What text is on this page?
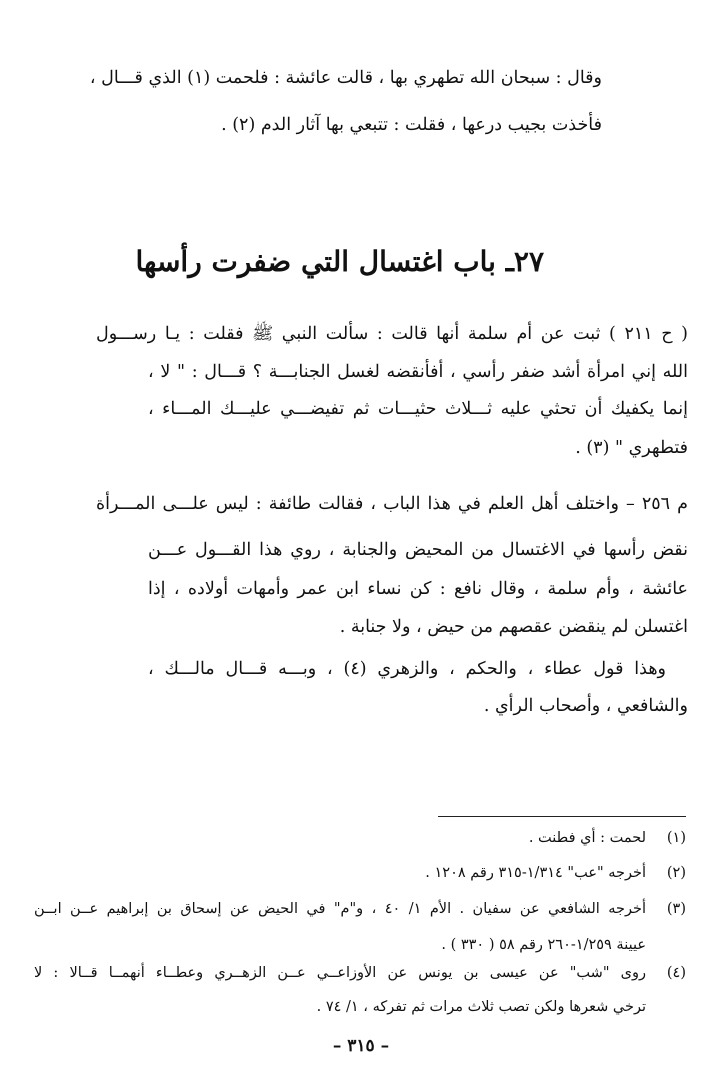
وقال : سبحان الله تطهري بها ، قالت عائشة : فلحمت (١) الذي قـــال ،
فأخذت بجيب درعها ، فقلت : تتبعي بها آثار الدم (٢) .
٢٧ـ باب اغتسال التي ضفرت رأسها
( ح ٢١١ ) ثبت عن أم سلمة أنها قالت : سألت النبي ﷺ فقلت : يـا رســـول
الله إني امرأة أشد ضفر رأسي ، أفأنقضه لغسل الجنابـــة ؟ قـــال : " لا ،
إنما يكفيك أن تحثي عليه ثـــلاث حثيـــات ثم تفيضـــي عليـــك المـــاء ،
فتطهري " (٣) .
م ٢٥٦ – واختلف أهل العلم في هذا الباب ، فقالت طائفة : ليس علـــى المـــرأة
نقض رأسها في الاغتسال من المحيض والجنابة ، روي هذا القـــول عـــن
عائشة ، وأم سلمة ، وقال نافع : كن نساء ابن عمر وأمهات أولاده ، إذا
اغتسلن لم ينقضن عقصهم من حيض ، ولا جنابة .
وهذا قول عطاء ، والحكم ، والزهري (٤) ، وبـــه قـــال مالـــك ،
والشافعي ، وأصحاب الرأي .
(١)
لحمت : أي فطنت .
(٢)
أخرجه "عب" ١/٣١٤-٣١٥ رقم ١٢٠٨ .
(٣)
أخرجه الشافعي عن سفيان . الأم ١/ ٤٠ ، و"م" في الحيض عن إسحاق بن إبراهيم عــن ابــن
عيينة ١/٢٥٩-٢٦٠ رقم ٥٨ ( ٣٣٠ ) .
(٤)
روى "شب" عن عيسى بن يونس عن الأوزاعــي عــن الزهــري وعطــاء أنهمــا قــالا : لا
ترخي شعرها ولكن تصب ثلاث مرات ثم تفركه ، ١/ ٧٤ .
– ٣١٥ –
